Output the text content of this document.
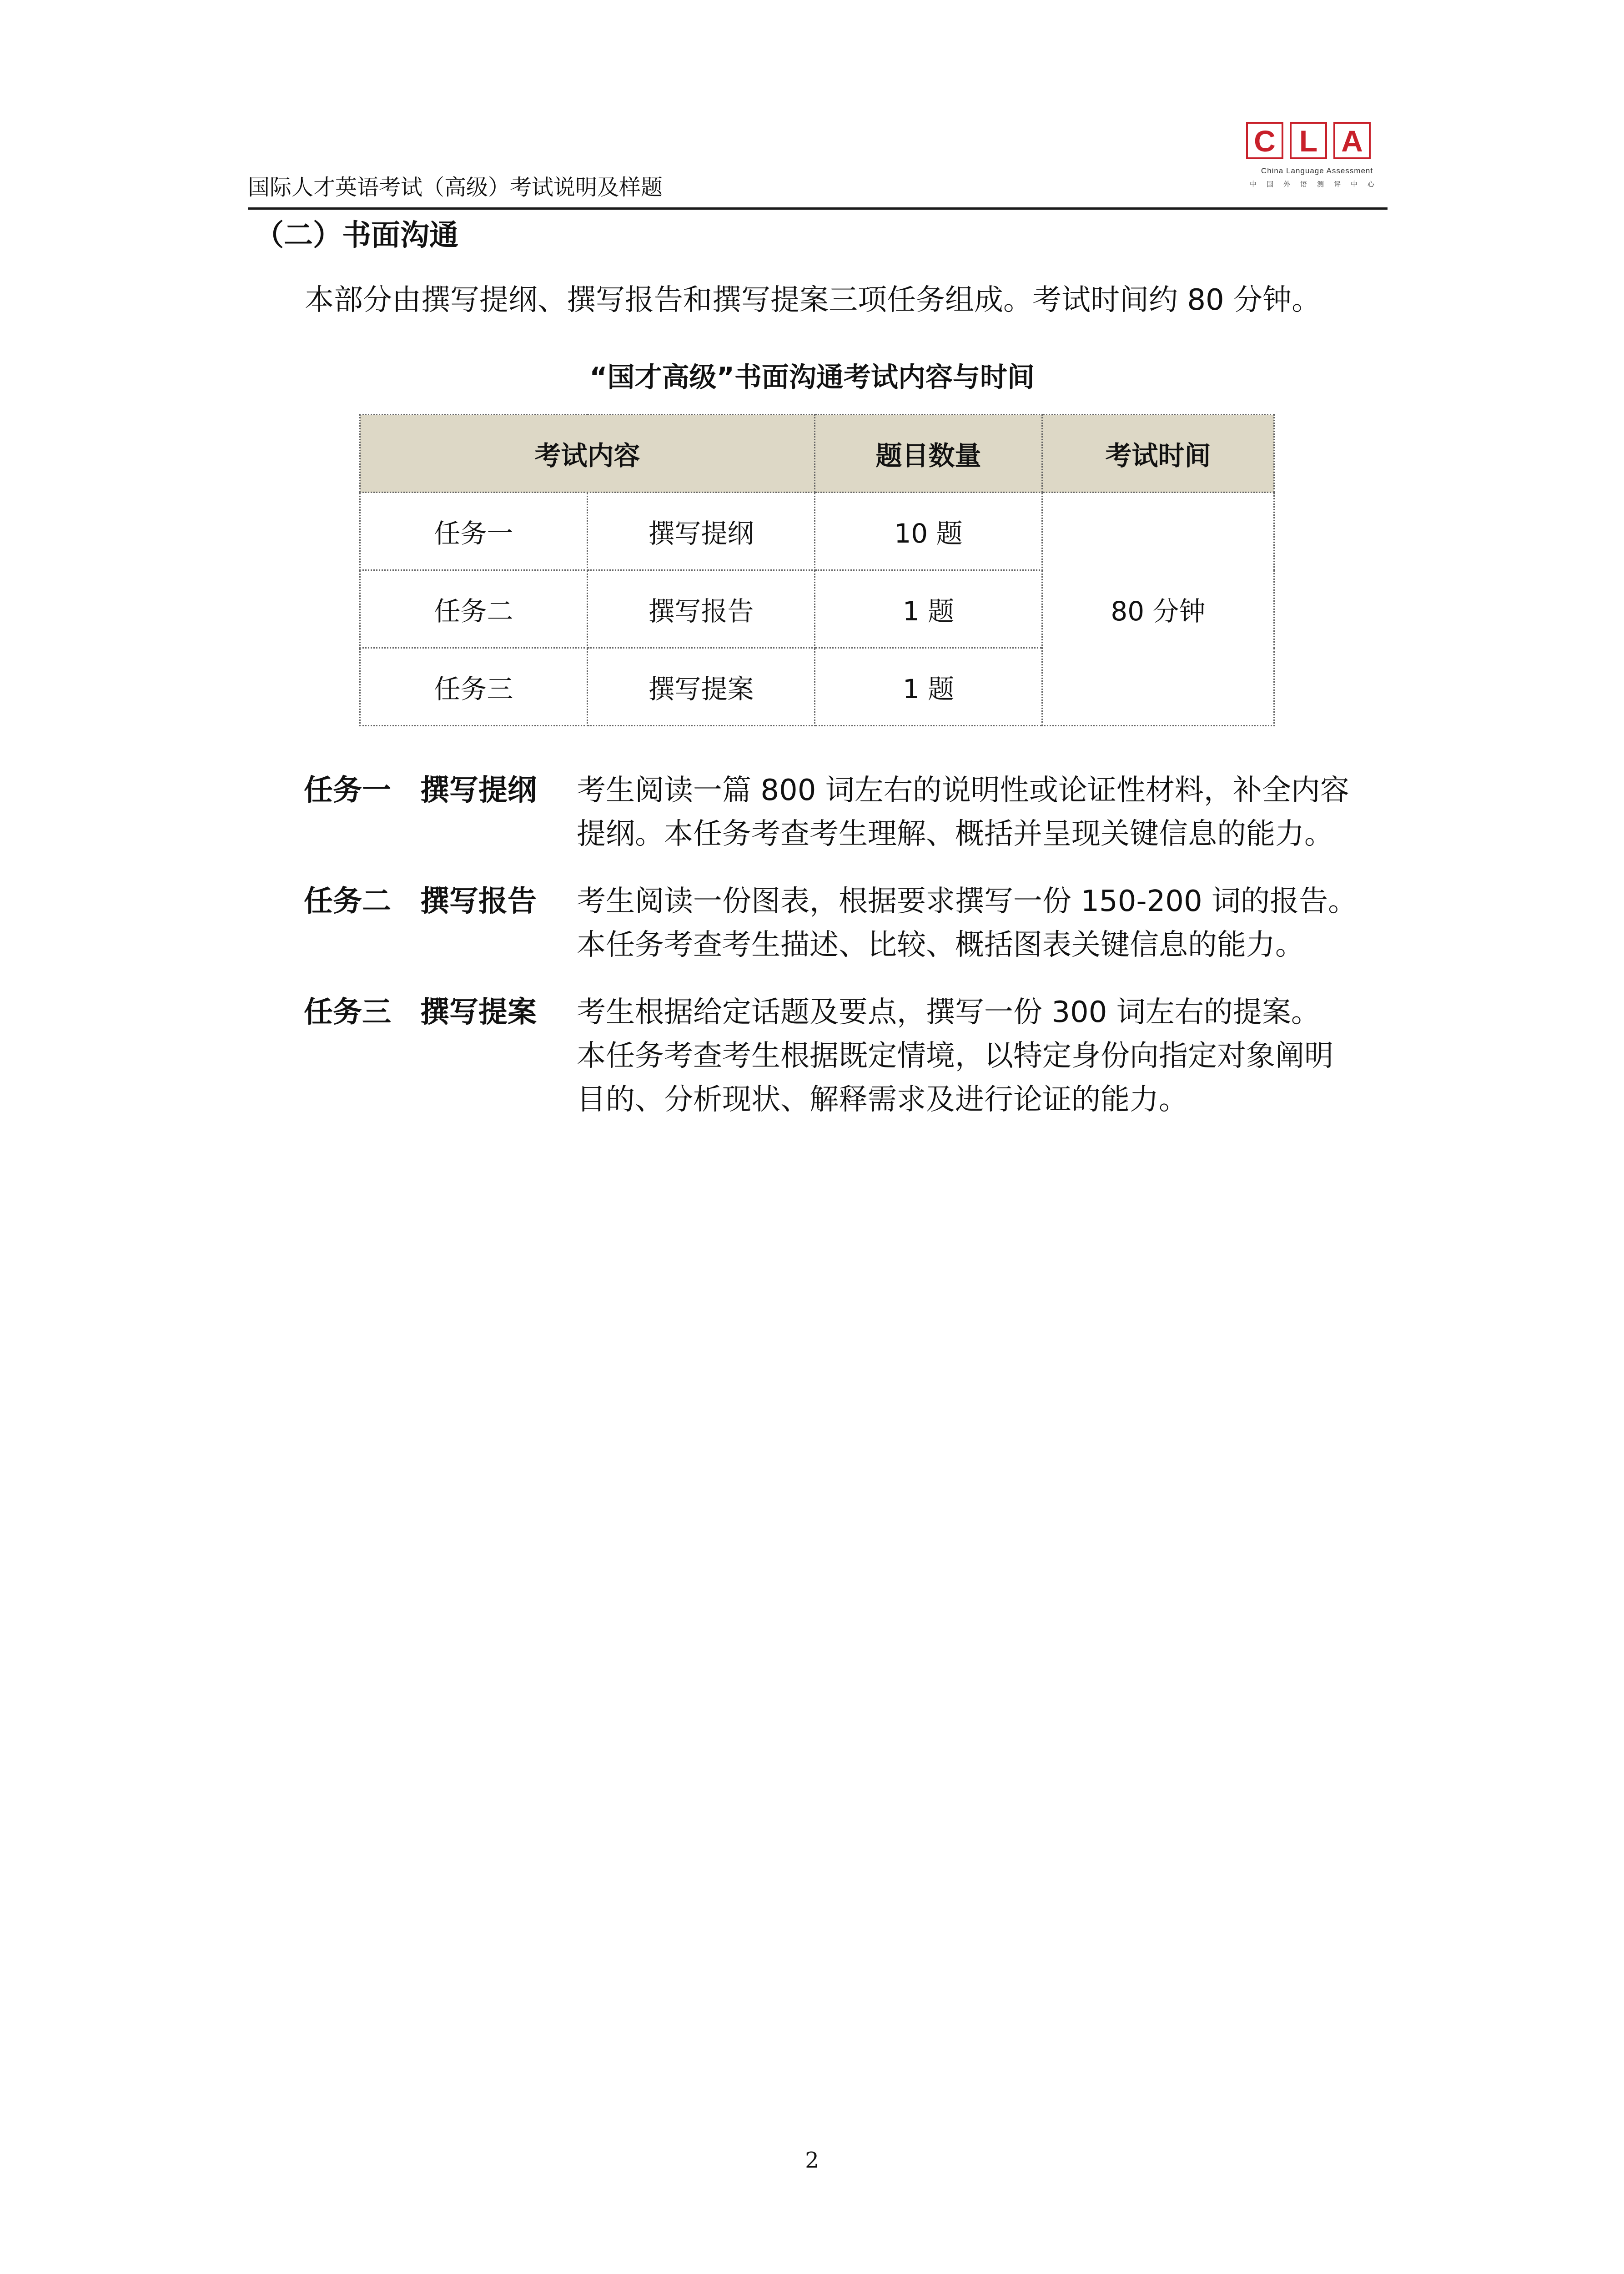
国际人才英语考试（高级）考试说明及样题
C L A
China Language Assessment
中国外语测评中心
（二）书面沟通
本部分由撰写提纲、撰写报告和撰写提案三项任务组成。考试时间约 80 分钟。
“国才高级”书面沟通考试内容与时间
考试内容		题目数量	考试时间
任务一	撰写提纲	10 题	80 分钟
任务二	撰写报告	1 题	
任务三	撰写提案	1 题	
任务一　撰写提纲	考生阅读一篇 800 词左右的说明性或论证性材料，补全内容
提纲。本任务考查考生理解、概括并呈现关键信息的能力。
任务二　撰写报告	考生阅读一份图表，根据要求撰写一份 150-200 词的报告。
本任务考查考生描述、比较、概括图表关键信息的能力。
任务三　撰写提案	考生根据给定话题及要点，撰写一份 300 词左右的提案。
本任务考查考生根据既定情境，以特定身份向指定对象阐明
目的、分析现状、解释需求及进行论证的能力。
2
